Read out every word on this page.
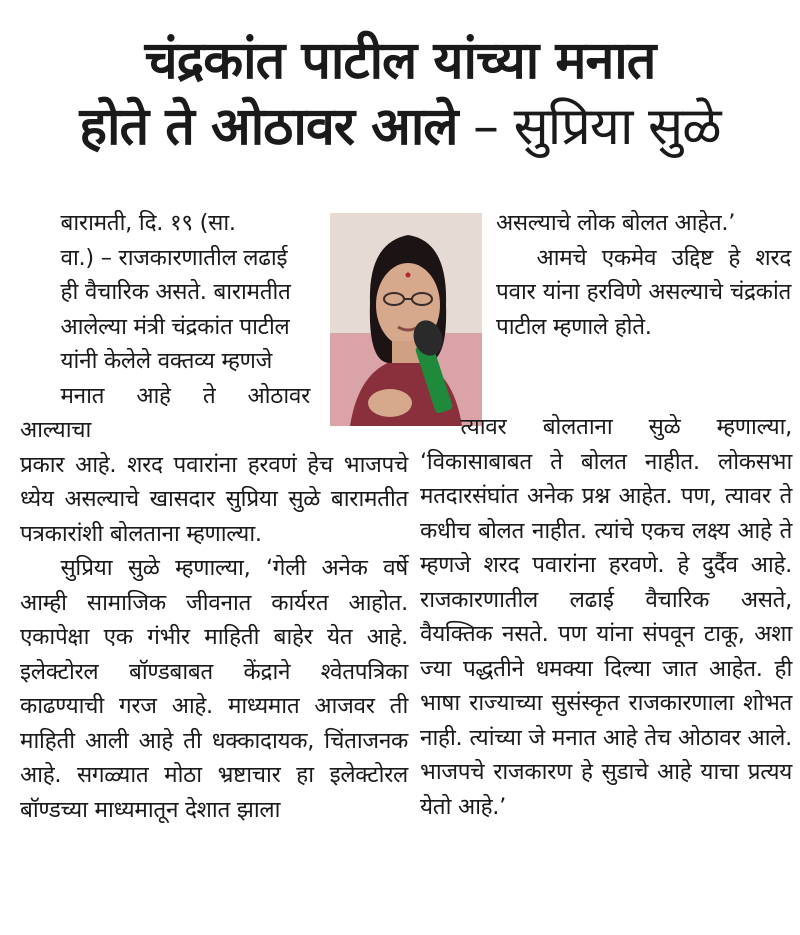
चंद्रकांत पाटील यांच्या मनात
होते ते ओठावर आले – सुप्रिया सुळे

बारामती, दि. १९ (सा.
वा.) – राजकारणातील लढाई
ही वैचारिक असते. बारामतीत
आलेल्या मंत्री चंद्रकांत पाटील
यांनी केलेले वक्तव्य म्हणजे
मनात आहे ते ओठावर आल्याचा

प्रकार आहे. शरद पवारांना हरवणं हेच भाजपचे ध्येय असल्याचे खासदार सुप्रिया सुळे बारामतीत पत्रकारांशी बोलताना म्हणाल्या.

सुप्रिया सुळे म्हणाल्या, ‘गेली अनेक वर्षे आम्ही सामाजिक जीवनात कार्यरत आहोत. एकापेक्षा एक गंभीर माहिती बाहेर येत आहे. इलेक्टोरल बॉण्डबाबत केंद्राने श्वेतपत्रिका काढण्याची गरज आहे. माध्यमात आजवर ती माहिती आली आहे ती धक्कादायक, चिंताजनक आहे. सगळ्यात मोठा भ्रष्टाचार हा इलेक्टोरल बॉण्डच्या माध्यमातून देशात झाला

असल्याचे लोक बोलत आहेत.’

आमचे एकमेव उद्दिष्ट हे शरद पवार यांना हरविणे असल्याचे चंद्रकांत पाटील म्हणाले होते.

त्यावर बोलताना सुळे म्हणाल्या, ‘विकासाबाबत ते बोलत नाहीत. लोकसभा मतदारसंघांत अनेक प्रश्न आहेत. पण, त्यावर ते कधीच बोलत नाहीत. त्यांचे एकच लक्ष्य आहे ते म्हणजे शरद पवारांना हरवणे. हे दुर्दैव आहे. राजकारणातील लढाई वैचारिक असते, वैयक्तिक नसते. पण यांना संपवून टाकू, अशा ज्या पद्धतीने धमक्या दिल्या जात आहेत. ही भाषा राज्याच्या सुसंस्कृत राजकारणाला शोभत नाही. त्यांच्या जे मनात आहे तेच ओठावर आले. भाजपचे राजकारण हे सुडाचे आहे याचा प्रत्यय येतो आहे.’
